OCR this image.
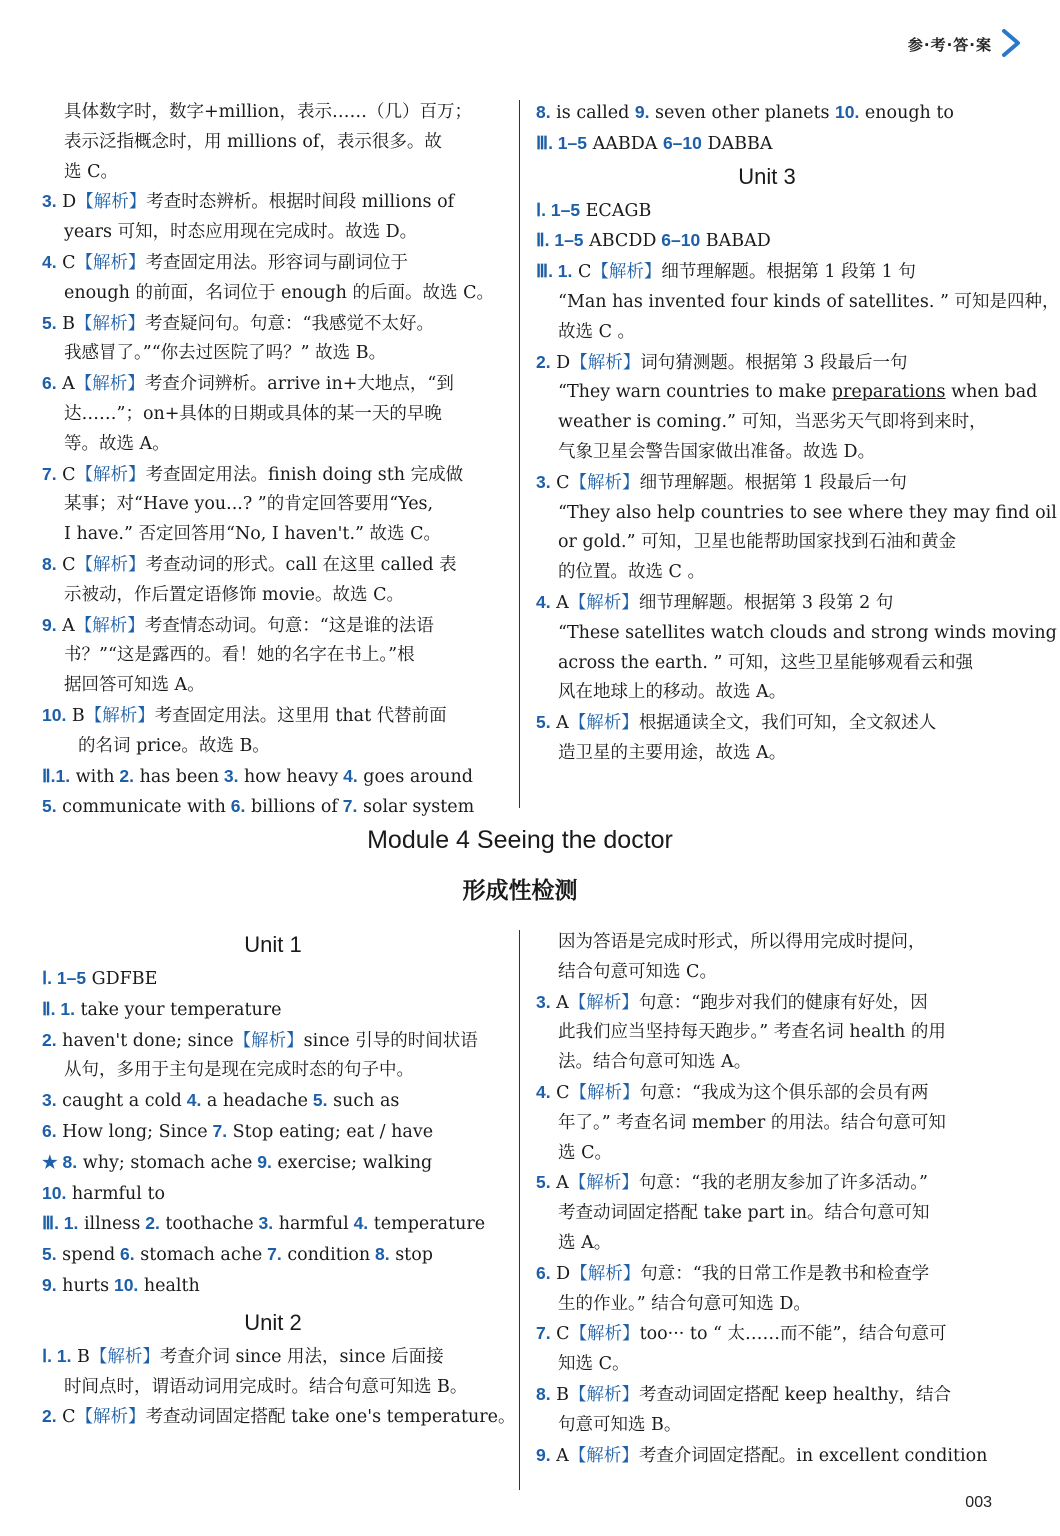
参·考·答·案
具体数字时，数字+million，表示……（几）百万；
表示泛指概念时，用 millions of，表示很多。故
选 C。
3. D【解析】考查时态辨析。根据时间段 millions of
years 可知，时态应用现在完成时。故选 D。
4. C【解析】考查固定用法。形容词与副词位于
enough 的前面，名词位于 enough 的后面。故选 C。
5. B【解析】考查疑问句。句意：“我感觉不太好。
我感冒了。”“你去过医院了吗？” 故选 B。
6. A【解析】考查介词辨析。arrive in+大地点，“到
达……”；on+具体的日期或具体的某一天的早晚
等。故选 A。
7. C【解析】考查固定用法。finish doing sth 完成做
某事；对“Have you...? ”的肯定回答要用“Yes,
I have.” 否定回答用“No, I haven't.” 故选 C。
8. C【解析】考查动词的形式。call 在这里 called 表
示被动，作后置定语修饰 movie。故选 C。
9. A【解析】考查情态动词。句意：“这是谁的法语
书？”“这是露西的。看！她的名字在书上。”根
据回答可知选 A。
10. B【解析】考查固定用法。这里用 that 代替前面
的名词 price。故选 B。
Ⅱ.1. with 2. has been 3. how heavy 4. goes around
5. communicate with 6. billions of 7. solar system
8. is called 9. seven other planets 10. enough to
Ⅲ. 1–5 AABDA 6–10 DABBA
Unit 3
Ⅰ. 1–5 ECAGB
Ⅱ. 1–5 ABCDD 6–10 BABAD
Ⅲ. 1. C【解析】细节理解题。根据第 1 段第 1 句
“Man has invented four kinds of satellites. ” 可知是四种，
故选 C 。
2. D【解析】词句猜测题。根据第 3 段最后一句
“They warn countries to make preparations when bad
weather is coming.” 可知，当恶劣天气即将到来时，
气象卫星会警告国家做出准备。故选 D。
3. C【解析】细节理解题。根据第 1 段最后一句
“They also help countries to see where they may find oil
or gold.” 可知，卫星也能帮助国家找到石油和黄金
的位置。故选 C 。
4. A【解析】细节理解题。根据第 3 段第 2 句
“These satellites watch clouds and strong winds moving
across the earth. ” 可知，这些卫星能够观看云和强
风在地球上的移动。故选 A。
5. A【解析】根据通读全文，我们可知，全文叙述人
造卫星的主要用途，故选 A。
Module 4 Seeing the doctor
形成性检测
Unit 1
Ⅰ. 1–5 GDFBE
Ⅱ. 1. take your temperature
2. haven't done; since【解析】since 引导的时间状语
从句，多用于主句是现在完成时态的句子中。
3. caught a cold 4. a headache 5. such as
6. How long; Since 7. Stop eating; eat / have
★ 8. why; stomach ache 9. exercise; walking
10. harmful to
Ⅲ. 1. illness 2. toothache 3. harmful 4. temperature
5. spend 6. stomach ache 7. condition 8. stop
9. hurts 10. health
Unit 2
Ⅰ. 1. B【解析】考查介词 since 用法，since 后面接
时间点时，谓语动词用完成时。结合句意可知选 B。
2. C【解析】考查动词固定搭配 take one's temperature。
因为答语是完成时形式，所以得用完成时提问，
结合句意可知选 C。
3. A【解析】句意：“跑步对我们的健康有好处，因
此我们应当坚持每天跑步。” 考查名词 health 的用
法。结合句意可知选 A。
4. C【解析】句意：“我成为这个俱乐部的会员有两
年了。” 考查名词 member 的用法。结合句意可知
选 C。
5. A【解析】句意：“我的老朋友参加了许多活动。”
考查动词固定搭配 take part in。结合句意可知
选 A。
6. D【解析】句意：“我的日常工作是教书和检查学
生的作业。” 结合句意可知选 D。
7. C【解析】too··· to “ 太……而不能”，结合句意可
知选 C。
8. B【解析】考查动词固定搭配 keep healthy，结合
句意可知选 B。
9. A【解析】考查介词固定搭配。in excellent condition
003
